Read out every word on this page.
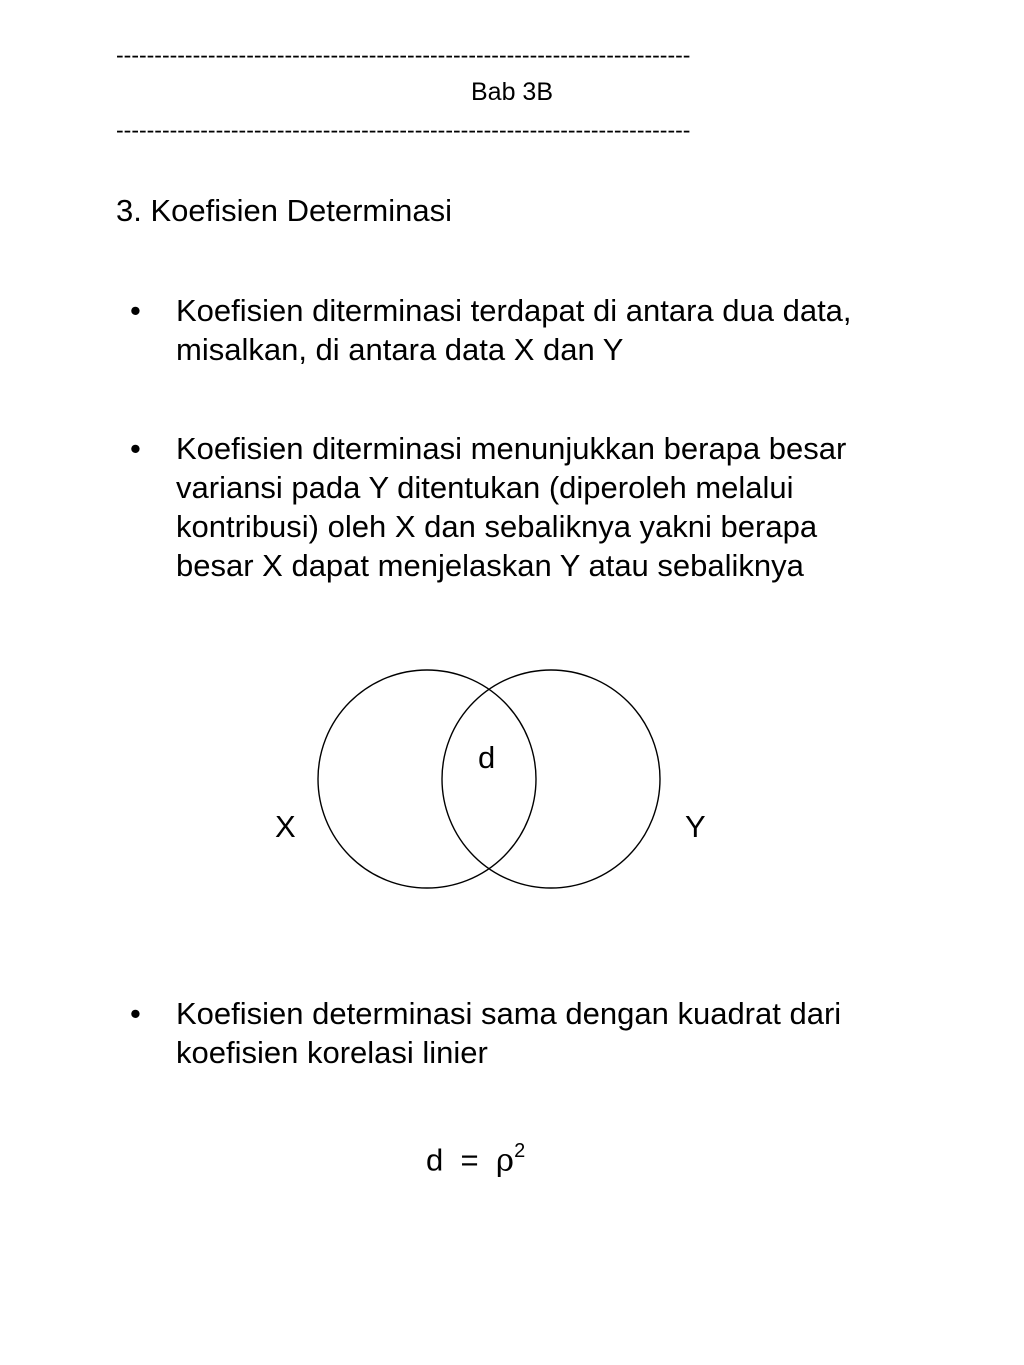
---------------------------------------------------------------------------
Bab 3B
---------------------------------------------------------------------------
3. Koefisien Determinasi
• Koefisien diterminasi terdapat di antara dua data,
misalkan, di antara data X dan Y
• Koefisien diterminasi menunjukkan berapa besar
variansi pada Y ditentukan (diperoleh melalui
kontribusi) oleh X dan sebaliknya yakni berapa
besar X dapat menjelaskan Y atau sebaliknya
d
X	Y
• Koefisien determinasi sama dengan kuadrat dari
koefisien korelasi linier
$d = \rho^2$
